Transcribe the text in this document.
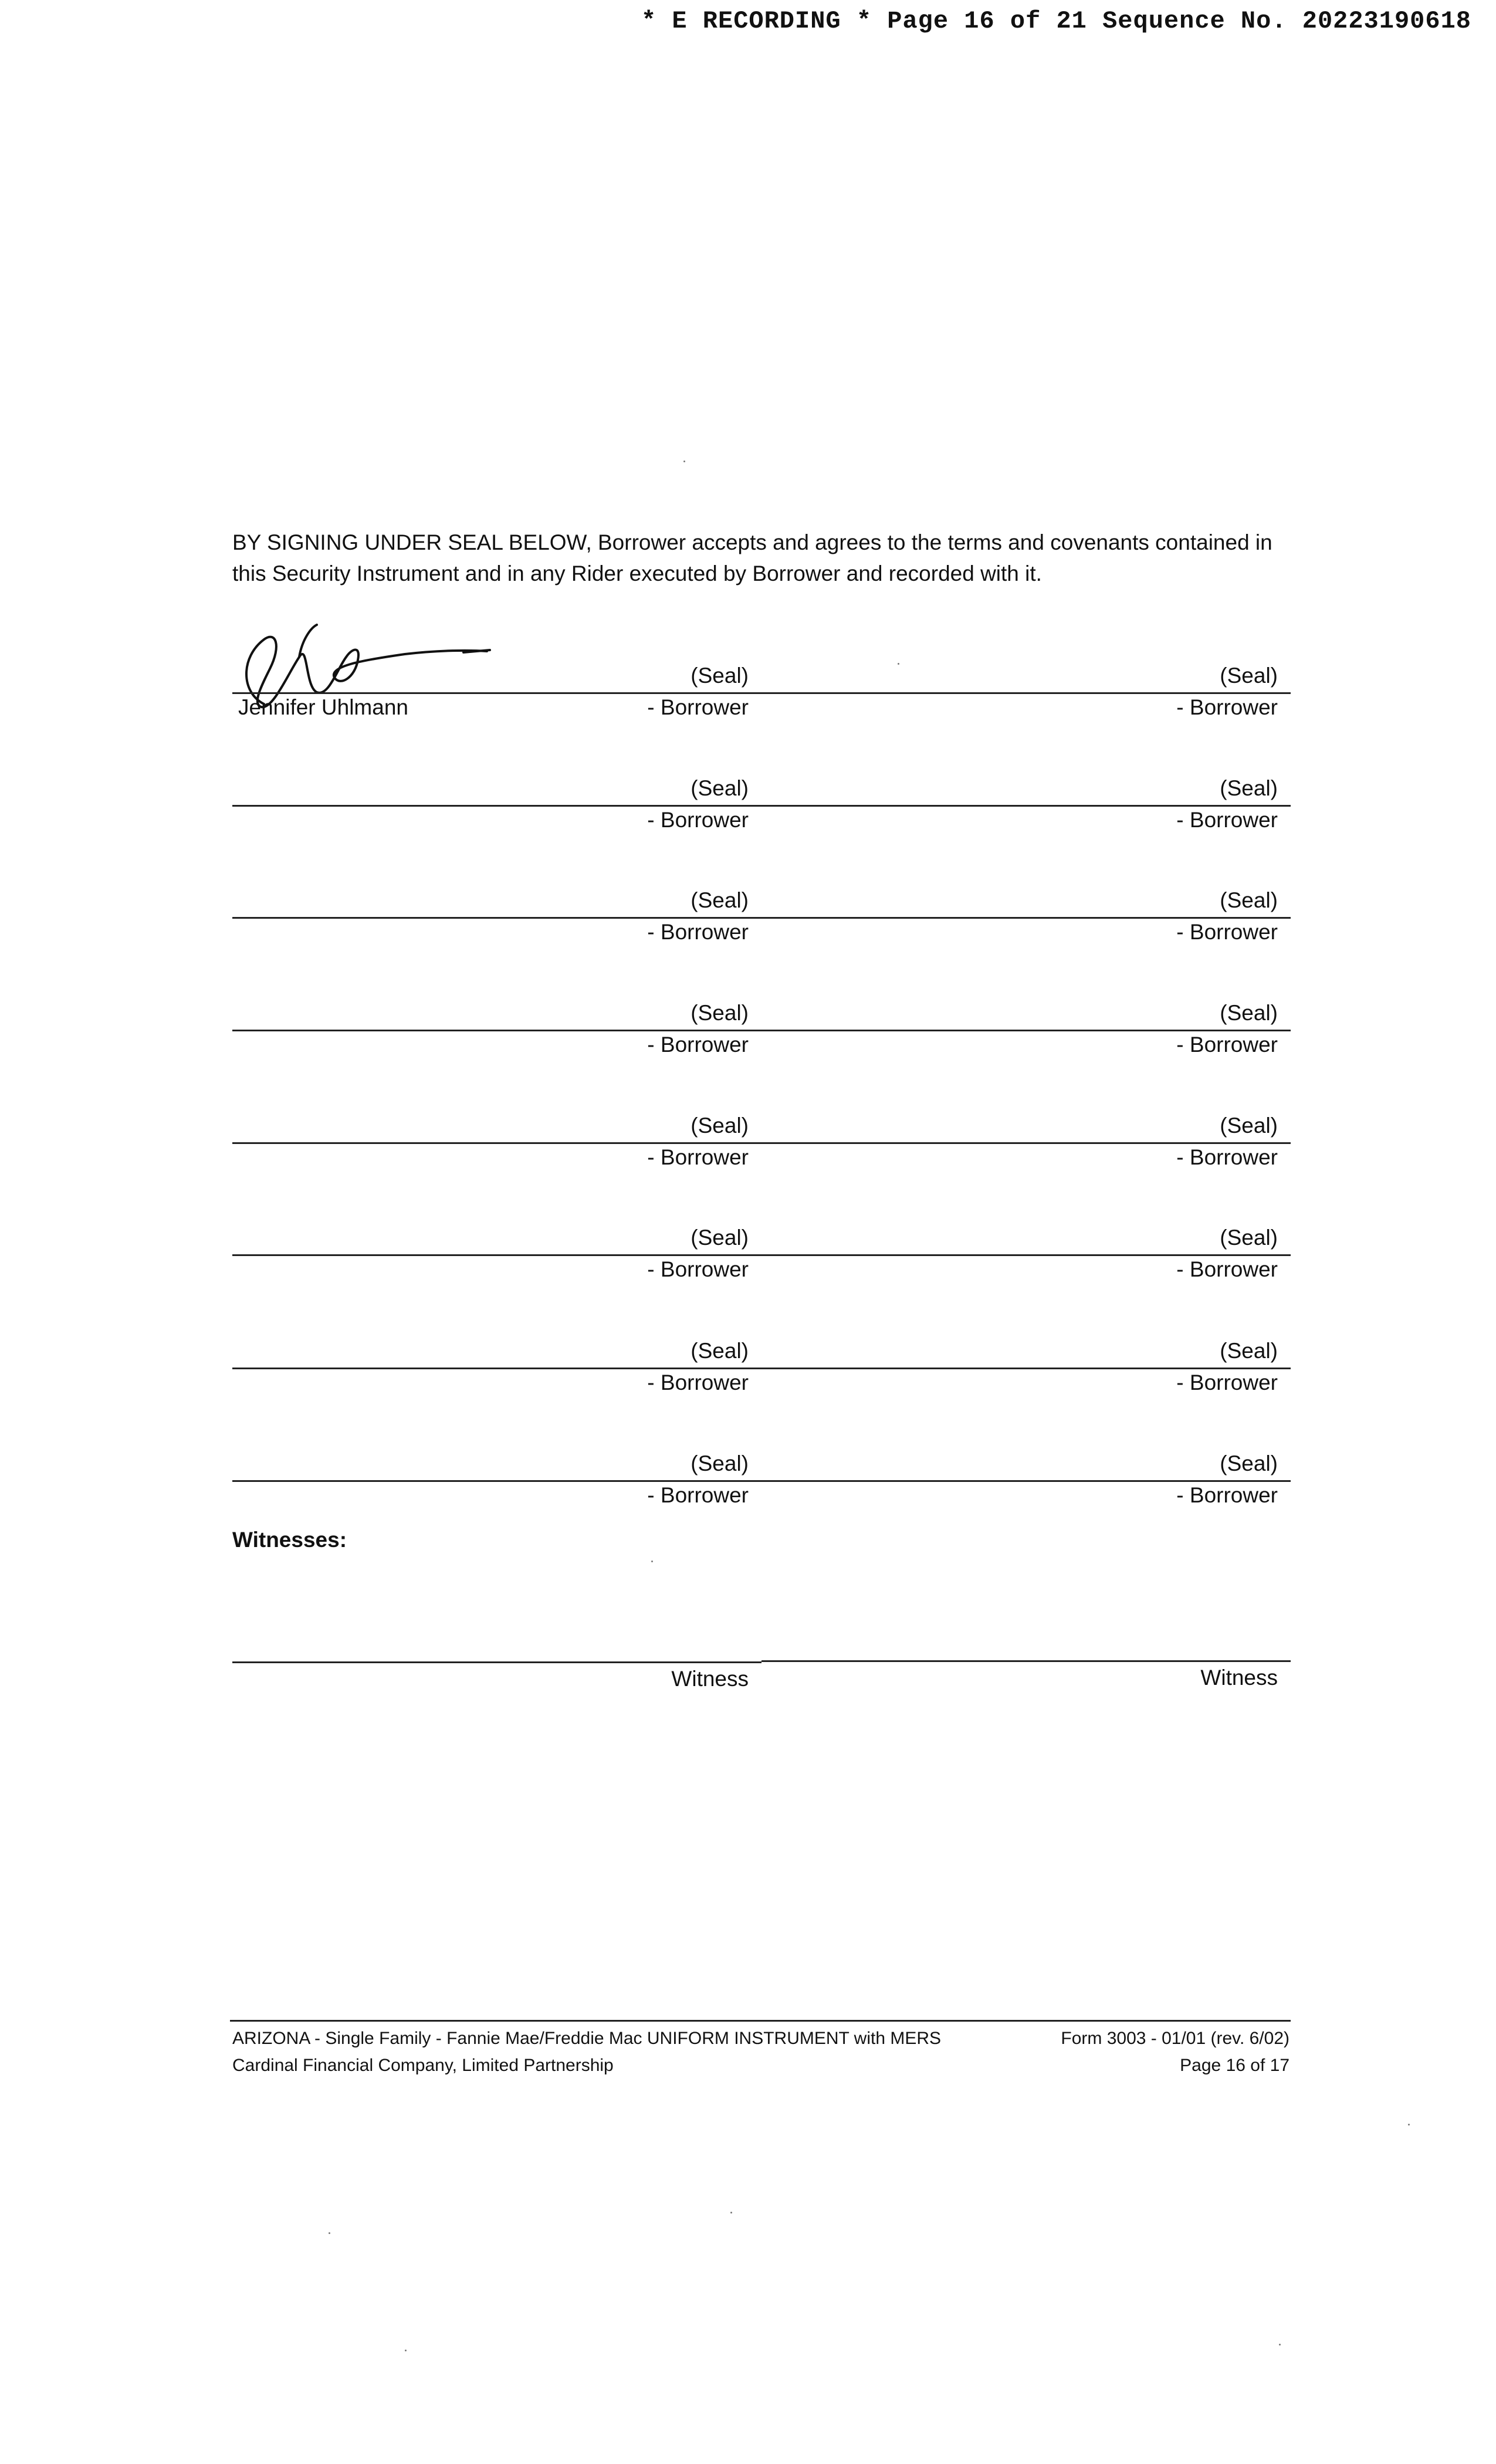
* E RECORDING * Page 16 of 21 Sequence No. 20223190618
BY SIGNING UNDER SEAL BELOW, Borrower accepts and agrees to the terms and covenants contained in this Security Instrument and in any Rider executed by Borrower and recorded with it.
(Seal)
Jennifer Uhlmann	- Borrower
(Seal)
- Borrower
(Seal)
- Borrower
(Seal)
- Borrower
(Seal)
- Borrower
(Seal)
- Borrower
(Seal)
- Borrower
(Seal)
- Borrower
(Seal)
- Borrower
(Seal)
- Borrower
(Seal)
- Borrower
(Seal)
- Borrower
(Seal)
- Borrower
(Seal)
- Borrower
(Seal)
- Borrower
(Seal)
- Borrower
Witnesses:
Witness	Witness
ARIZONA - Single Family - Fannie Mae/Freddie Mac UNIFORM INSTRUMENT with MERS
Cardinal Financial Company, Limited Partnership
Form 3003 - 01/01 (rev. 6/02)
Page 16 of 17
